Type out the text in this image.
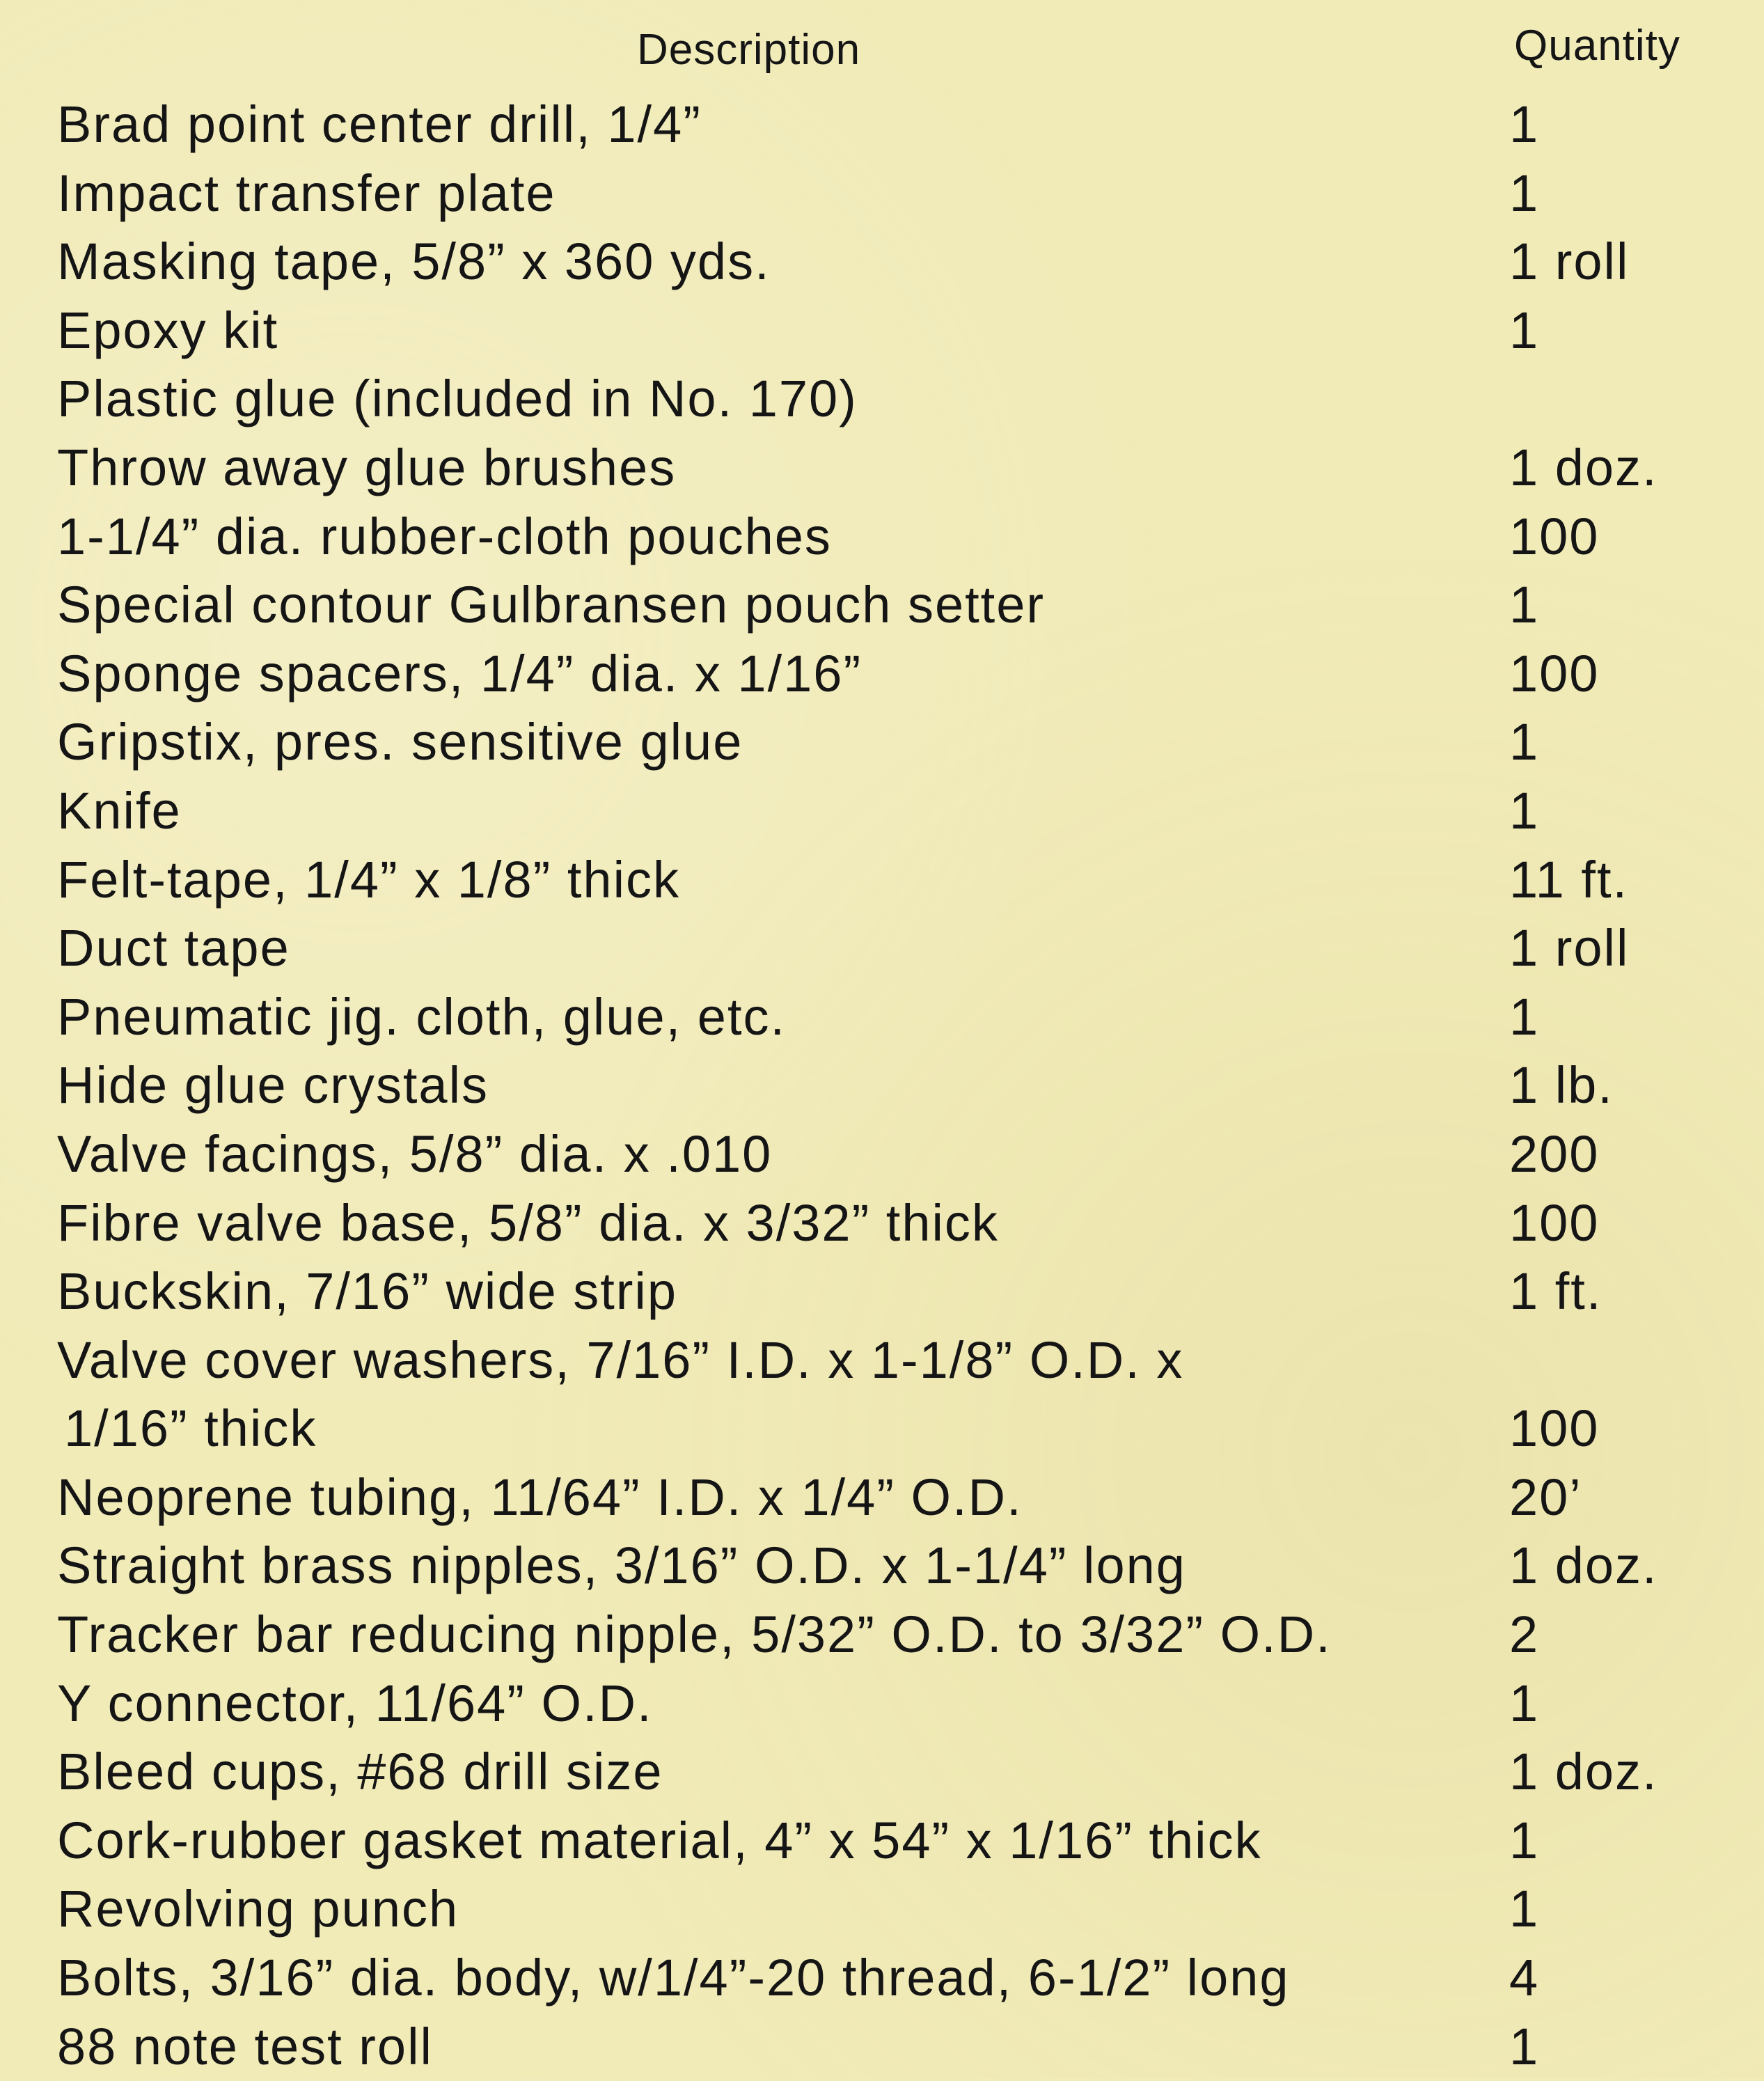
Description	Quantity
Brad point center drill, 1/4”	1
Impact transfer plate	1
Masking tape, 5/8” x 360 yds.	1 roll
Epoxy kit	1
Plastic glue (included in No. 170)
Throw away glue brushes	1 doz.
1-1/4” dia. rubber-cloth pouches	100
Special contour Gulbransen pouch setter	1
Sponge spacers, 1/4” dia. x 1/16”	100
Gripstix, pres. sensitive glue	1
Knife	1
Felt-tape, 1/4” x 1/8” thick	11 ft.
Duct tape	1 roll
Pneumatic jig. cloth, glue, etc.	1
Hide glue crystals	1 lb.
Valve facings, 5/8” dia. x .010	200
Fibre valve base, 5/8” dia. x 3/32” thick	100
Buckskin, 7/16” wide strip	1 ft.
Valve cover washers, 7/16” I.D. x 1-1/8” O.D. x
1/16” thick	100
Neoprene tubing, 11/64” I.D. x 1/4” O.D.	20’
Straight brass nipples, 3/16” O.D. x 1-1/4” long	1 doz.
Tracker bar reducing nipple, 5/32” O.D. to 3/32” O.D.	2
Y connector, 11/64” O.D.	1
Bleed cups, #68 drill size	1 doz.
Cork-rubber gasket material, 4” x 54” x 1/16” thick	1
Revolving punch	1
Bolts, 3/16” dia. body, w/1/4”-20 thread, 6-1/2” long	4
88 note test roll	1
